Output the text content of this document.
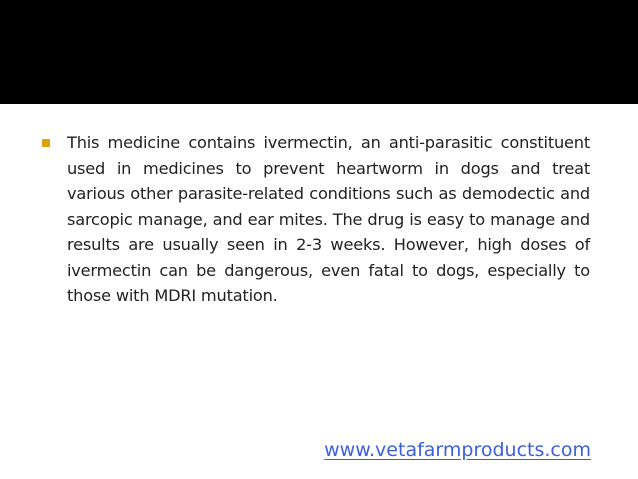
This medicine contains ivermectin, an anti-parasitic constituent used in medicines to prevent heartworm in dogs and treat various other parasite-related conditions such as demodectic and sarcopic manage, and ear mites. The drug is easy to manage and results are usually seen in 2-3 weeks. However, high doses of ivermectin can be dangerous, even fatal to dogs, especially to those with MDRI mutation.

www.vetafarmproducts.com
